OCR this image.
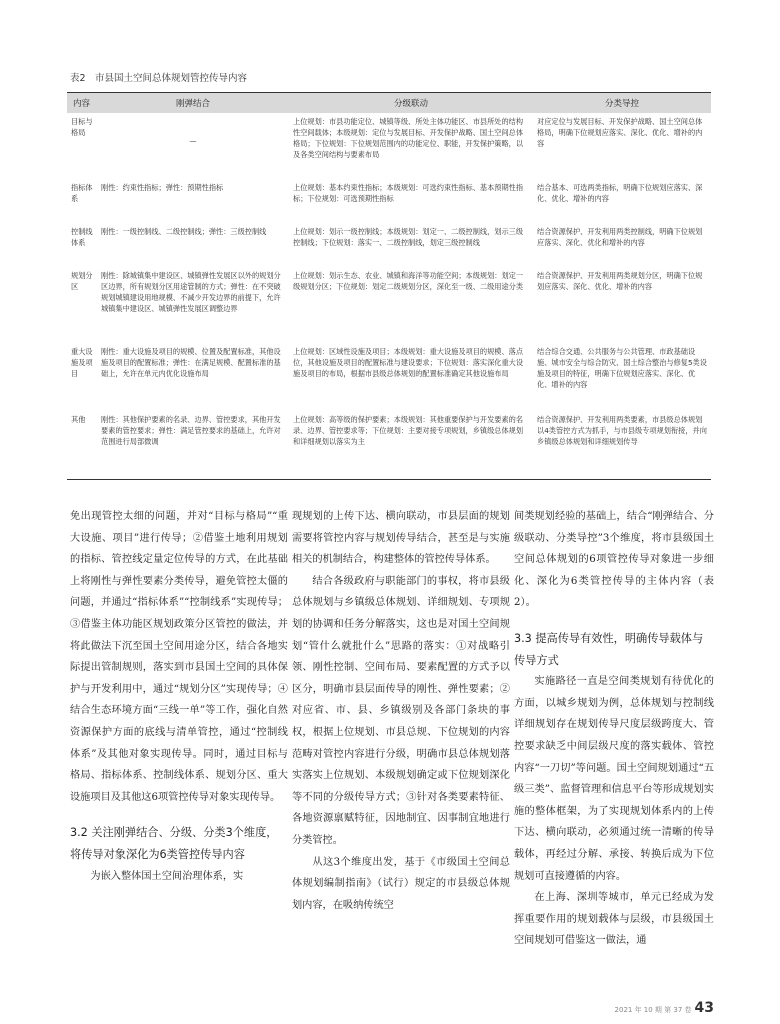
表2　市县国土空间总体规划管控传导内容
内容	刚弹结合	分级联动	分类导控
目标与格局	—	上位规划：市县功能定位、城镇等级、所处主体功能区、市县所处的结构性空间载体；本级规划：定位与发展目标、开发保护战略、国土空间总体格局；下位规划：下位规划范围内的功能定位、职能，开发保护策略，以及各类空间结构与要素布局	对应定位与发展目标、开发保护战略、国土空间总体格局，明确下位规划应落实、深化、优化、增补的内容
指标体系	刚性：约束性指标；弹性：预期性指标	上位规划：基本约束性指标；本级规划：可选约束性指标、基本预期性指标；下位规划：可选预期性指标	结合基本、可选两类指标，明确下位规划应落实、深化、优化、增补的内容
控制线体系	刚性：一级控制线、二级控制线；弹性：三级控制线	上位规划：划示一级控制线；本级规划：划定一、二级控制线，划示三级控制线；下位规划：落实一、二级控制线，划定三级控制线	结合资源保护、开发利用两类控制线，明确下位规划应落实、深化、优化和增补的内容
规划分区	刚性：除城镇集中建设区、城镇弹性发展区以外的规划分区边界，所有规划分区用途管制的方式；弹性：在不突破规划城镇建设用地规模、不减少开发边界的前提下，允许城镇集中建设区、城镇弹性发展区调整边界	上位规划：划示生态、农业、城镇和海洋等功能空间；本级规划：划定一级规划分区；下位规划：划定二级规划分区，深化至一级、二级用途分类	结合资源保护、开发利用两类规划分区，明确下位规划应落实、深化、优化、增补的内容
重大设施及项目	刚性：重大设施及项目的规模、位置及配置标准，其他设施及项目的配置标准；弹性：在满足规模、配置标准的基础上，允许在单元内优化设施布局	上位规划：区域性设施及项目；本级规划：重大设施及项目的规模、落点位，其他设施及项目的配置标准与建设要求；下位规划：落实深化重大设施及项目的布局，根据市县级总体规划的配置标准确定其他设施布局	结合综合交通、公共服务与公共管理、市政基础设施、城市安全与综合防灾、国土综合整治与修复5类设施及项目的特征，明确下位规划应落实、深化、优化、增补的内容
其他	刚性：其他保护要素的名录、边界、管控要求，其他开发要素的管控要求；弹性：满足管控要求的基础上，允许对范围进行局部微调	上位规划：高等级的保护要素；本级规划：其他重要保护与开发要素的名录、边界、管控要求等；下位规划：主要对接专项规划，乡镇级总体规划和详细规划以落实为主	结合资源保护、开发利用两类要素，市县级总体规划以4类管控方式为抓手，与市县级专项规划衔接，并向乡镇级总体规划和详细规划传导

免出现管控太细的问题，并对“目标与格局”“重大设施、项目”进行传导；②借鉴土地利用规划的指标、管控线定量定位传导的方式，在此基础上将刚性与弹性要素分类传导，避免管控太僵的问题，并通过“指标体系”“控制线系”实现传导；③借鉴主体功能区规划政策分区管控的做法，并将此做法下沉至国土空间用途分区，结合各地实际提出管制规则，落实到市县国土空间的具体保护与开发利用中，通过“规划分区”实现传导；④结合生态环境方面“三线一单”等工作，强化自然资源保护方面的底线与清单管控，通过“控制线体系”及其他对象实现传导。同时，通过目标与格局、指标体系、控制线体系、规划分区、重大设施项目及其他这6项管控传导对象实现传导。

3.2 关注刚弹结合、分级、分类3个维度，将传导对象深化为6类管控传导内容

为嵌入整体国土空间治理体系，实

现规划的上传下达、横向联动，市县层面的规划需要将管控内容与规划传导结合，甚至是与实施相关的机制结合，构建整体的管控传导体系。

结合各级政府与职能部门的事权，将市县级总体规划与乡镇级总体规划、详细规划、专项规划的协调和任务分解落实，这也是对国土空间规划“管什么就批什么”思路的落实：①对战略引领、刚性控制、空间布局、要素配置的方式予以区分，明确市县层面传导的刚性、弹性要素；②对应省、市、县、乡镇级别及各部门条块的事权，根据上位规划、市县总规、下位规划的内容范畴对管控内容进行分级，明确市县总体规划落实落实上位规划、本级规划确定或下位规划深化等不同的分级传导方式；③针对各类要素特征、各地资源禀赋特征，因地制宜、因事制宜地进行分类管控。

从这3个维度出发，基于《市级国土空间总体规划编制指南》（试行）规定的市县级总体规划内容，在吸纳传统空

间类规划经验的基础上，结合“刚弹结合、分级联动、分类导控”3个维度，将市县级国土空间总体规划的6项管控传导对象进一步细化、深化为6类管控传导的主体内容（表2）。

3.3 提高传导有效性，明确传导载体与传导方式

实施路径一直是空间类规划有待优化的方面，以城乡规划为例，总体规划与控制线详细规划存在规划传导尺度层级跨度大、管控要求缺乏中间层级尺度的落实载体、管控内容“一刀切”等问题。国土空间规划通过“五级三类”、监督管理和信息平台等形成规划实施的整体框架，为了实现规划体系内的上传下达、横向联动，必须通过统一清晰的传导载体，再经过分解、承接、转换后成为下位规划可直接遵循的内容。

在上海、深圳等城市，单元已经成为发挥重要作用的规划载体与层级，市县级国土空间规划可借鉴这一做法，通

2021 年 10 期 第 37 卷 43
